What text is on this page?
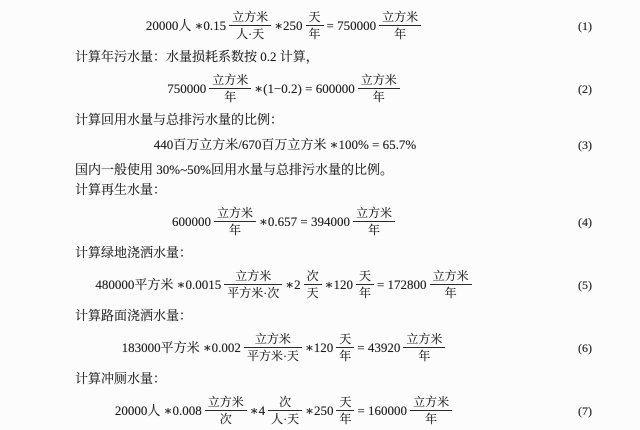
20000人 ∗0.15 $\frac{\text{立方米}}{\text{人·天}}$ ∗250 $\frac{\text{天}}{\text{年}} = 750000 \frac{\text{立方米}}{\text{年}}$	(1)
计算年污水量：水量损耗系数按 0.2 计算，
$750000 \frac{\text{立方米}}{\text{年}}$ ∗(1−0.2) = $600000 \frac{\text{立方米}}{\text{年}}$	(2)
计算回用水量与总排污水量的比例：
440百万立方米/670百万立方米 ∗100% = 65.7%	(3)
国内一般使用 30%~50%回用水量与总排污水量的比例。
计算再生水量：
$600000 \frac{\text{立方米}}{\text{年}}$ ∗0.657 = $394000 \frac{\text{立方米}}{\text{年}}$	(4)
计算绿地浇洒水量：
480000平方米 ∗0.0015 $\frac{\text{立方米}}{\text{平方米·次}}$ ∗2 $\frac{\text{次}}{\text{天}}$ ∗120 $\frac{\text{天}}{\text{年}} = 172800 \frac{\text{立方米}}{\text{年}}$	(5)
计算路面浇洒水量：
183000平方米 ∗0.002 $\frac{\text{立方米}}{\text{平方米·天}}$ ∗120 $\frac{\text{天}}{\text{年}} = 43920 \frac{\text{立方米}}{\text{年}}$	(6)
计算冲厕水量：
20000人 ∗0.008 $\frac{\text{立方米}}{\text{次}}$ ∗4 $\frac{\text{次}}{\text{人·天}}$ ∗250 $\frac{\text{天}}{\text{年}} = 160000 \frac{\text{立方米}}{\text{年}}$	(7)
